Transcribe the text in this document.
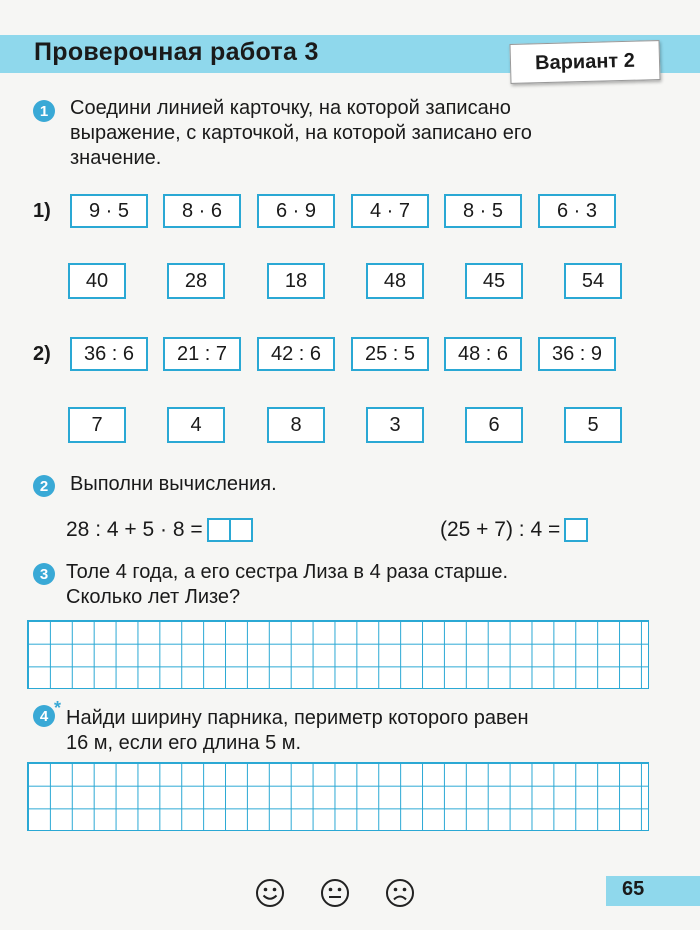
Проверочная работа 3	Вариант 2
1	Соедини линией карточку, на которой записано
выражение, с карточкой, на которой записано его
значение.
1)	9 · 5	8 · 6	6 · 9	4 · 7	8 · 5	6 · 3
40	28	18	48	45	54
2)	36 : 6	21 : 7	42 : 6	25 : 5	48 : 6	36 : 9
7	4	8	3	6	5
2	Выполни вычисления.
28 : 4 + 5 · 8 =	(25 + 7) : 4 =
3 Толе 4 года, а его сестра Лиза в 4 раза старше.
Сколько лет Лизе?
4 * Найди ширину парника, периметр которого равен
16 м, если его длина 5 м.
65
